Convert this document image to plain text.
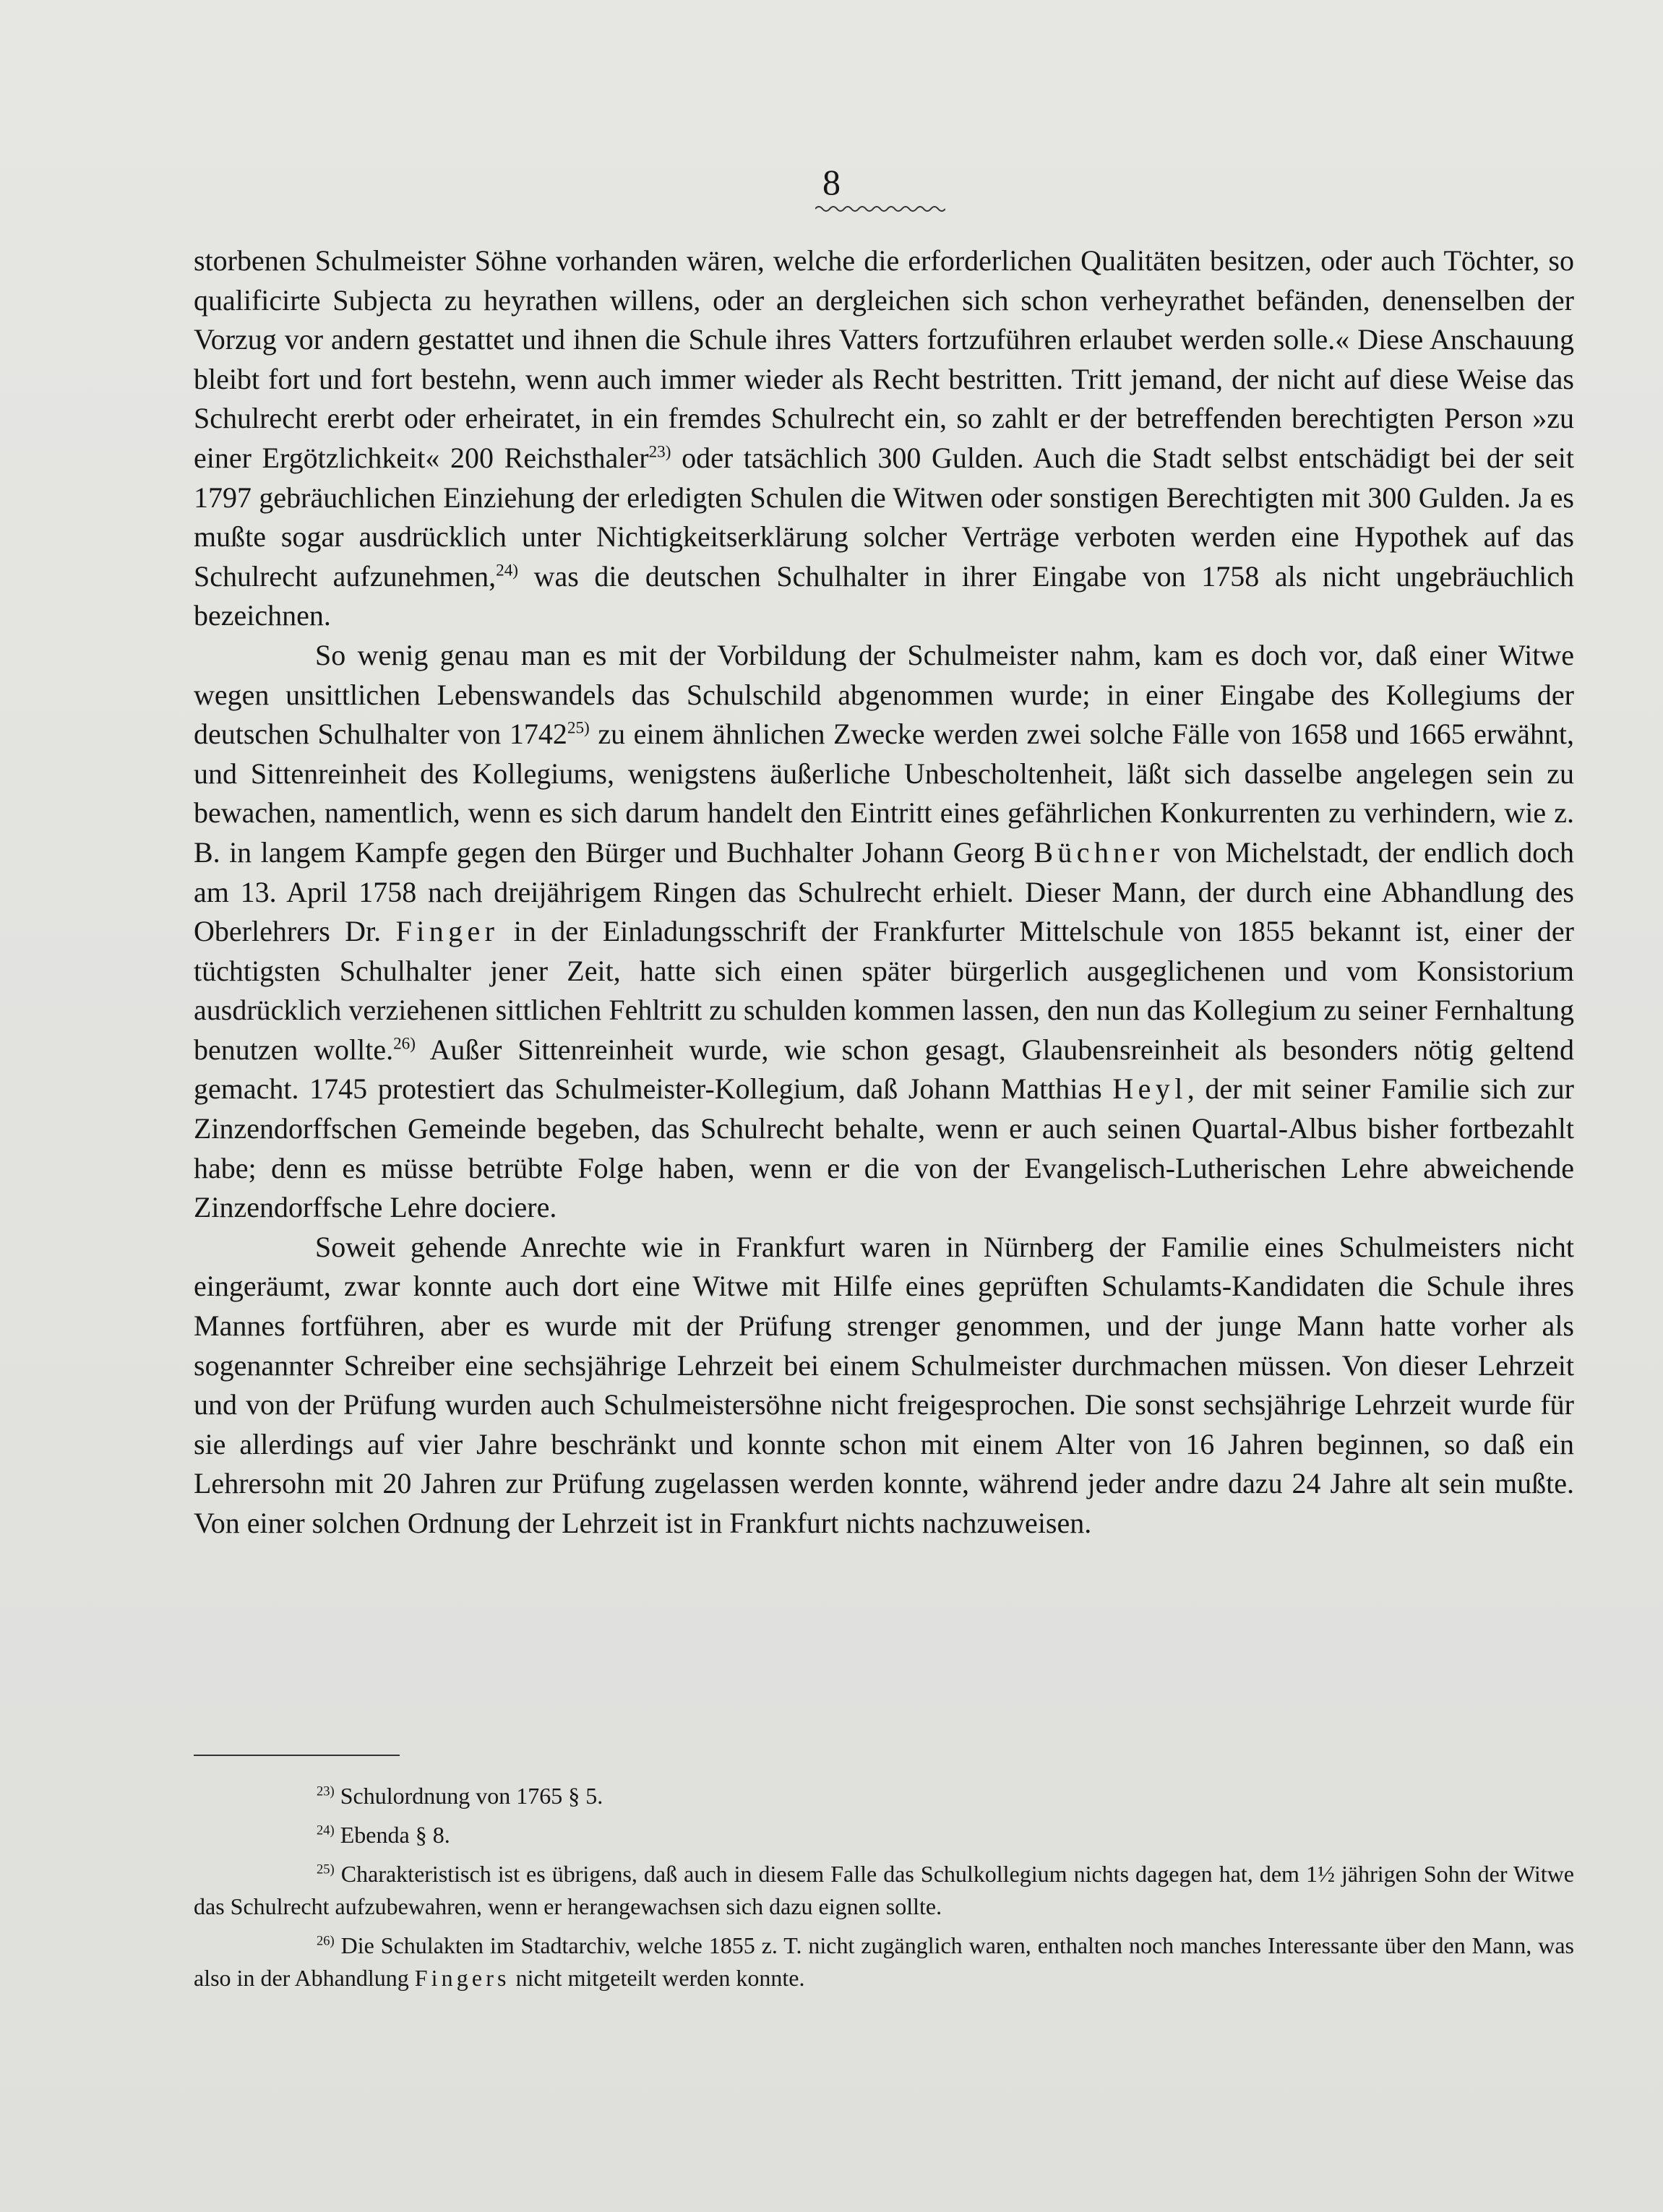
8

storbenen Schulmeister Söhne vorhanden wären, welche die erforderlichen Qualitäten besitzen, oder auch Töchter, so qualificirte Subjecta zu heyrathen willens, oder an dergleichen sich schon verheyrathet befänden, denenselben der Vorzug vor andern gestattet und ihnen die Schule ihres Vatters fortzuführen erlaubet werden solle.« Diese Anschauung bleibt fort und fort bestehn, wenn auch immer wieder als Recht bestritten. Tritt jemand, der nicht auf diese Weise das Schulrecht ererbt oder erheiratet, in ein fremdes Schulrecht ein, so zahlt er der betreffenden berechtigten Person »zu einer Ergötzlichkeit« 200 Reichsthaler$^{23)}$ oder tatsächlich 300 Gulden. Auch die Stadt selbst entschädigt bei der seit 1797 gebräuchlichen Einziehung der erledigten Schulen die Witwen oder sonstigen Berechtigten mit 300 Gulden. Ja es mußte sogar ausdrücklich unter Nichtigkeitserklärung solcher Verträge verboten werden eine Hypothek auf das Schulrecht aufzunehmen,$^{24)}$ was die deutschen Schulhalter in ihrer Eingabe von 1758 als nicht ungebräuchlich bezeichnen.

So wenig genau man es mit der Vorbildung der Schulmeister nahm, kam es doch vor, daß einer Witwe wegen unsittlichen Lebenswandels das Schulschild abgenommen wurde; in einer Eingabe des Kollegiums der deutschen Schulhalter von 1742$^{25)}$ zu einem ähnlichen Zwecke werden zwei solche Fälle von 1658 und 1665 erwähnt, und Sittenreinheit des Kollegiums, wenigstens äußerliche Unbescholtenheit, läßt sich dasselbe angelegen sein zu bewachen, namentlich, wenn es sich darum handelt den Eintritt eines gefährlichen Konkurrenten zu verhindern, wie z. B. in langem Kampfe gegen den Bürger und Buchhalter Johann Georg Büchner von Michelstadt, der endlich doch am 13. April 1758 nach dreijährigem Ringen das Schulrecht erhielt. Dieser Mann, der durch eine Abhandlung des Oberlehrers Dr. Finger in der Einladungsschrift der Frankfurter Mittelschule von 1855 bekannt ist, einer der tüchtigsten Schulhalter jener Zeit, hatte sich einen später bürgerlich ausgeglichenen und vom Konsistorium ausdrücklich verziehenen sittlichen Fehltritt zu schulden kommen lassen, den nun das Kollegium zu seiner Fernhaltung benutzen wollte.$^{26)}$ Außer Sittenreinheit wurde, wie schon gesagt, Glaubensreinheit als besonders nötig geltend gemacht. 1745 protestiert das Schulmeister-Kollegium, daß Johann Matthias Heyl, der mit seiner Familie sich zur Zinzendorffschen Gemeinde begeben, das Schulrecht behalte, wenn er auch seinen Quartal-Albus bisher fortbezahlt habe; denn es müsse betrübte Folge haben, wenn er die von der Evangelisch-Lutherischen Lehre abweichende Zinzendorffsche Lehre dociere.

Soweit gehende Anrechte wie in Frankfurt waren in Nürnberg der Familie eines Schulmeisters nicht eingeräumt, zwar konnte auch dort eine Witwe mit Hilfe eines geprüften Schulamts-Kandidaten die Schule ihres Mannes fortführen, aber es wurde mit der Prüfung strenger genommen, und der junge Mann hatte vorher als sogenannter Schreiber eine sechsjährige Lehrzeit bei einem Schulmeister durchmachen müssen. Von dieser Lehrzeit und von der Prüfung wurden auch Schulmeistersöhne nicht freigesprochen. Die sonst sechsjährige Lehrzeit wurde für sie allerdings auf vier Jahre beschränkt und konnte schon mit einem Alter von 16 Jahren beginnen, so daß ein Lehrersohn mit 20 Jahren zur Prüfung zugelassen werden konnte, während jeder andre dazu 24 Jahre alt sein mußte. Von einer solchen Ordnung der Lehrzeit ist in Frankfurt nichts nachzuweisen.

$^{23)}$ Schulordnung von 1765 § 5.

$^{24)}$ Ebenda § 8.

$^{25)}$ Charakteristisch ist es übrigens, daß auch in diesem Falle das Schulkollegium nichts dagegen hat, dem 1½ jährigen Sohn der Witwe das Schulrecht aufzubewahren, wenn er herangewachsen sich dazu eignen sollte.

$^{26)}$ Die Schulakten im Stadtarchiv, welche 1855 z. T. nicht zugänglich waren, enthalten noch manches Interessante über den Mann, was also in der Abhandlung Fingers nicht mitgeteilt werden konnte.
